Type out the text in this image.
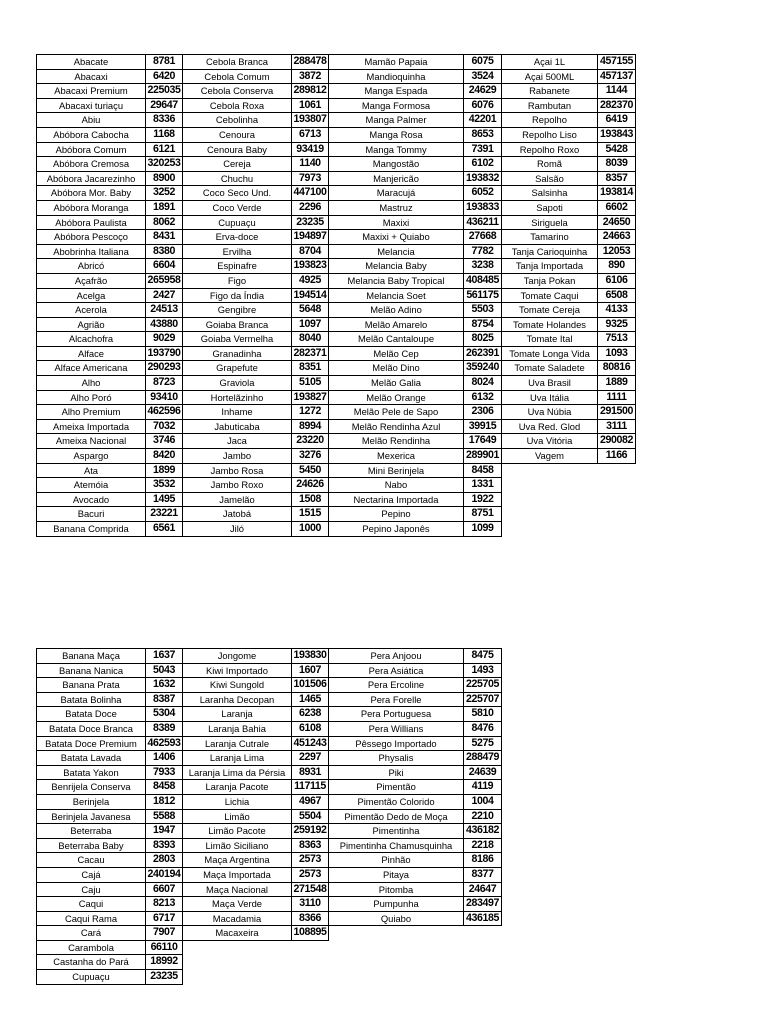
Abacate	8781
Abacaxi	6420
Abacaxi Premium	225035
Abacaxi turiaçu	29647
Abiu	8336
Abóbora Cabocha	1168
Abóbora Comum	6121
Abóbora Cremosa	320253
Abóbora Jacarezinho	8900
Abóbora Mor. Baby	3252
Abóbora Moranga	1891
Abóbora Paulista	8062
Abóbora Pescoço	8431
Abobrinha Italiana	8380
Abricó	6604
Açafrão	265958
Acelga	2427
Acerola	24513
Agrião	43880
Alcachofra	9029
Alface	193790
Alface Americana	290293
Alho	8723
Alho Poró	93410
Alho Premium	462596
Ameixa Importada	7032
Ameixa Nacional	3746
Aspargo	8420
Ata	1899
Atemóia	3532
Avocado	1495
Bacuri	23221
Banana Comprida	6561
Cebola Branca	288478
Cebola Comum	3872
Cebola Conserva	289812
Cebola Roxa	1061
Cebolinha	193807
Cenoura	6713
Cenoura Baby	93419
Cereja	1140
Chuchu	7973
Coco Seco Und.	447100
Coco Verde	2296
Cupuaçu	23235
Erva-doce	194897
Ervilha	8704
Espinafre	193823
Figo	4925
Figo da Índia	194514
Gengibre	5648
Goiaba Branca	1097
Goiaba Vermelha	8040
Granadinha	282371
Grapefute	8351
Graviola	5105
Hortelãzinho	193827
Inhame	1272
Jabuticaba	8994
Jaca	23220
Jambo	3276
Jambo Rosa	5450
Jambo Roxo	24626
Jamelão	1508
Jatobá	1515
Jiló	1000
Mamão Papaia	6075
Mandioquinha	3524
Manga Espada	24629
Manga Formosa	6076
Manga Palmer	42201
Manga Rosa	8653
Manga Tommy	7391
Mangostão	6102
Manjericão	193832
Maracujá	6052
Mastruz	193833
Maxixi	436211
Maxixi + Quiabo	27668
Melancia	7782
Melancia Baby	3238
Melancia Baby Tropical	408485
Melancia Soet	561175
Melão Adino	5503
Melão Amarelo	8754
Melão Cantaloupe	8025
Melão Cep	262391
Melão Dino	359240
Melão Galia	8024
Melão Orange	6132
Melão Pele de Sapo	2306
Melão Rendinha Azul	39915
Melão Rendinha	17649
Mexerica	289901
Mini Berinjela	8458
Nabo	1331
Nectarina Importada	1922
Pepino	8751
Pepino Japonês	1099
Açai 1L	457155
Açai 500ML	457137
Rabanete	1144
Rambutan	282370
Repolho	6419
Repolho Liso	193843
Repolho Roxo	5428
Romã	8039
Salsão	8357
Salsinha	193814
Sapoti	6602
Siriguela	24650
Tamarino	24663
Tanja Carioquinha	12053
Tanja Importada	890
Tanja Pokan	6106
Tomate Caqui	6508
Tomate Cereja	4133
Tomate Holandes	9325
Tomate Ital	7513
Tomate Longa Vida	1093
Tomate Saladete	80816
Uva Brasil	1889
Uva Itália	1111
Uva Núbia	291500
Uva Red. Glod	3111
Uva Vitória	290082
Vagem	1166
Banana Maça	1637
Banana Nanica	5043
Banana Prata	1632
Batata Bolinha	8387
Batata Doce	5304
Batata Doce Branca	8389
Batata Doce Premium	462593
Batata Lavada	1406
Batata Yakon	7933
Benrijela Conserva	8458
Berinjela	1812
Berinjela Javanesa	5588
Beterraba	1947
Beterraba Baby	8393
Cacau	2803
Cajá	240194
Caju	6607
Caqui	8213
Caqui Rama	6717
Cará	7907
Carambola	66110
Castanha do Pará	18992
Cupuaçu	23235
Jongome	193830
Kiwi Importado	1607
Kiwi Sungold	101506
Laranha Decopan	1465
Laranja	6238
Laranja Bahia	6108
Laranja Cutrale	451243
Laranja Lima	2297
Laranja Lima da Pérsia	8931
Laranja Pacote	117115
Lichia	4967
Limão	5504
Limão Pacote	259192
Limão Siciliano	8363
Maça Argentina	2573
Maça Importada	2573
Maça Nacional	271548
Maça Verde	3110
Macadamia	8366
Macaxeira	108895
Pera Anjoou	8475
Pera Asiática	1493
Pera Ercoline	225705
Pera Forelle	225707
Pera Portuguesa	5810
Pera Willians	8476
Pêssego Importado	5275
Physalis	288479
Piki	24639
Pimentão	4119
Pimentão Colorido	1004
Pimentão Dedo de Moça	2210
Pimentinha	436182
Pimentinha Chamusquinha	2218
Pinhão	8186
Pitaya	8377
Pitomba	24647
Pumpunha	283497
Quiabo	436185
